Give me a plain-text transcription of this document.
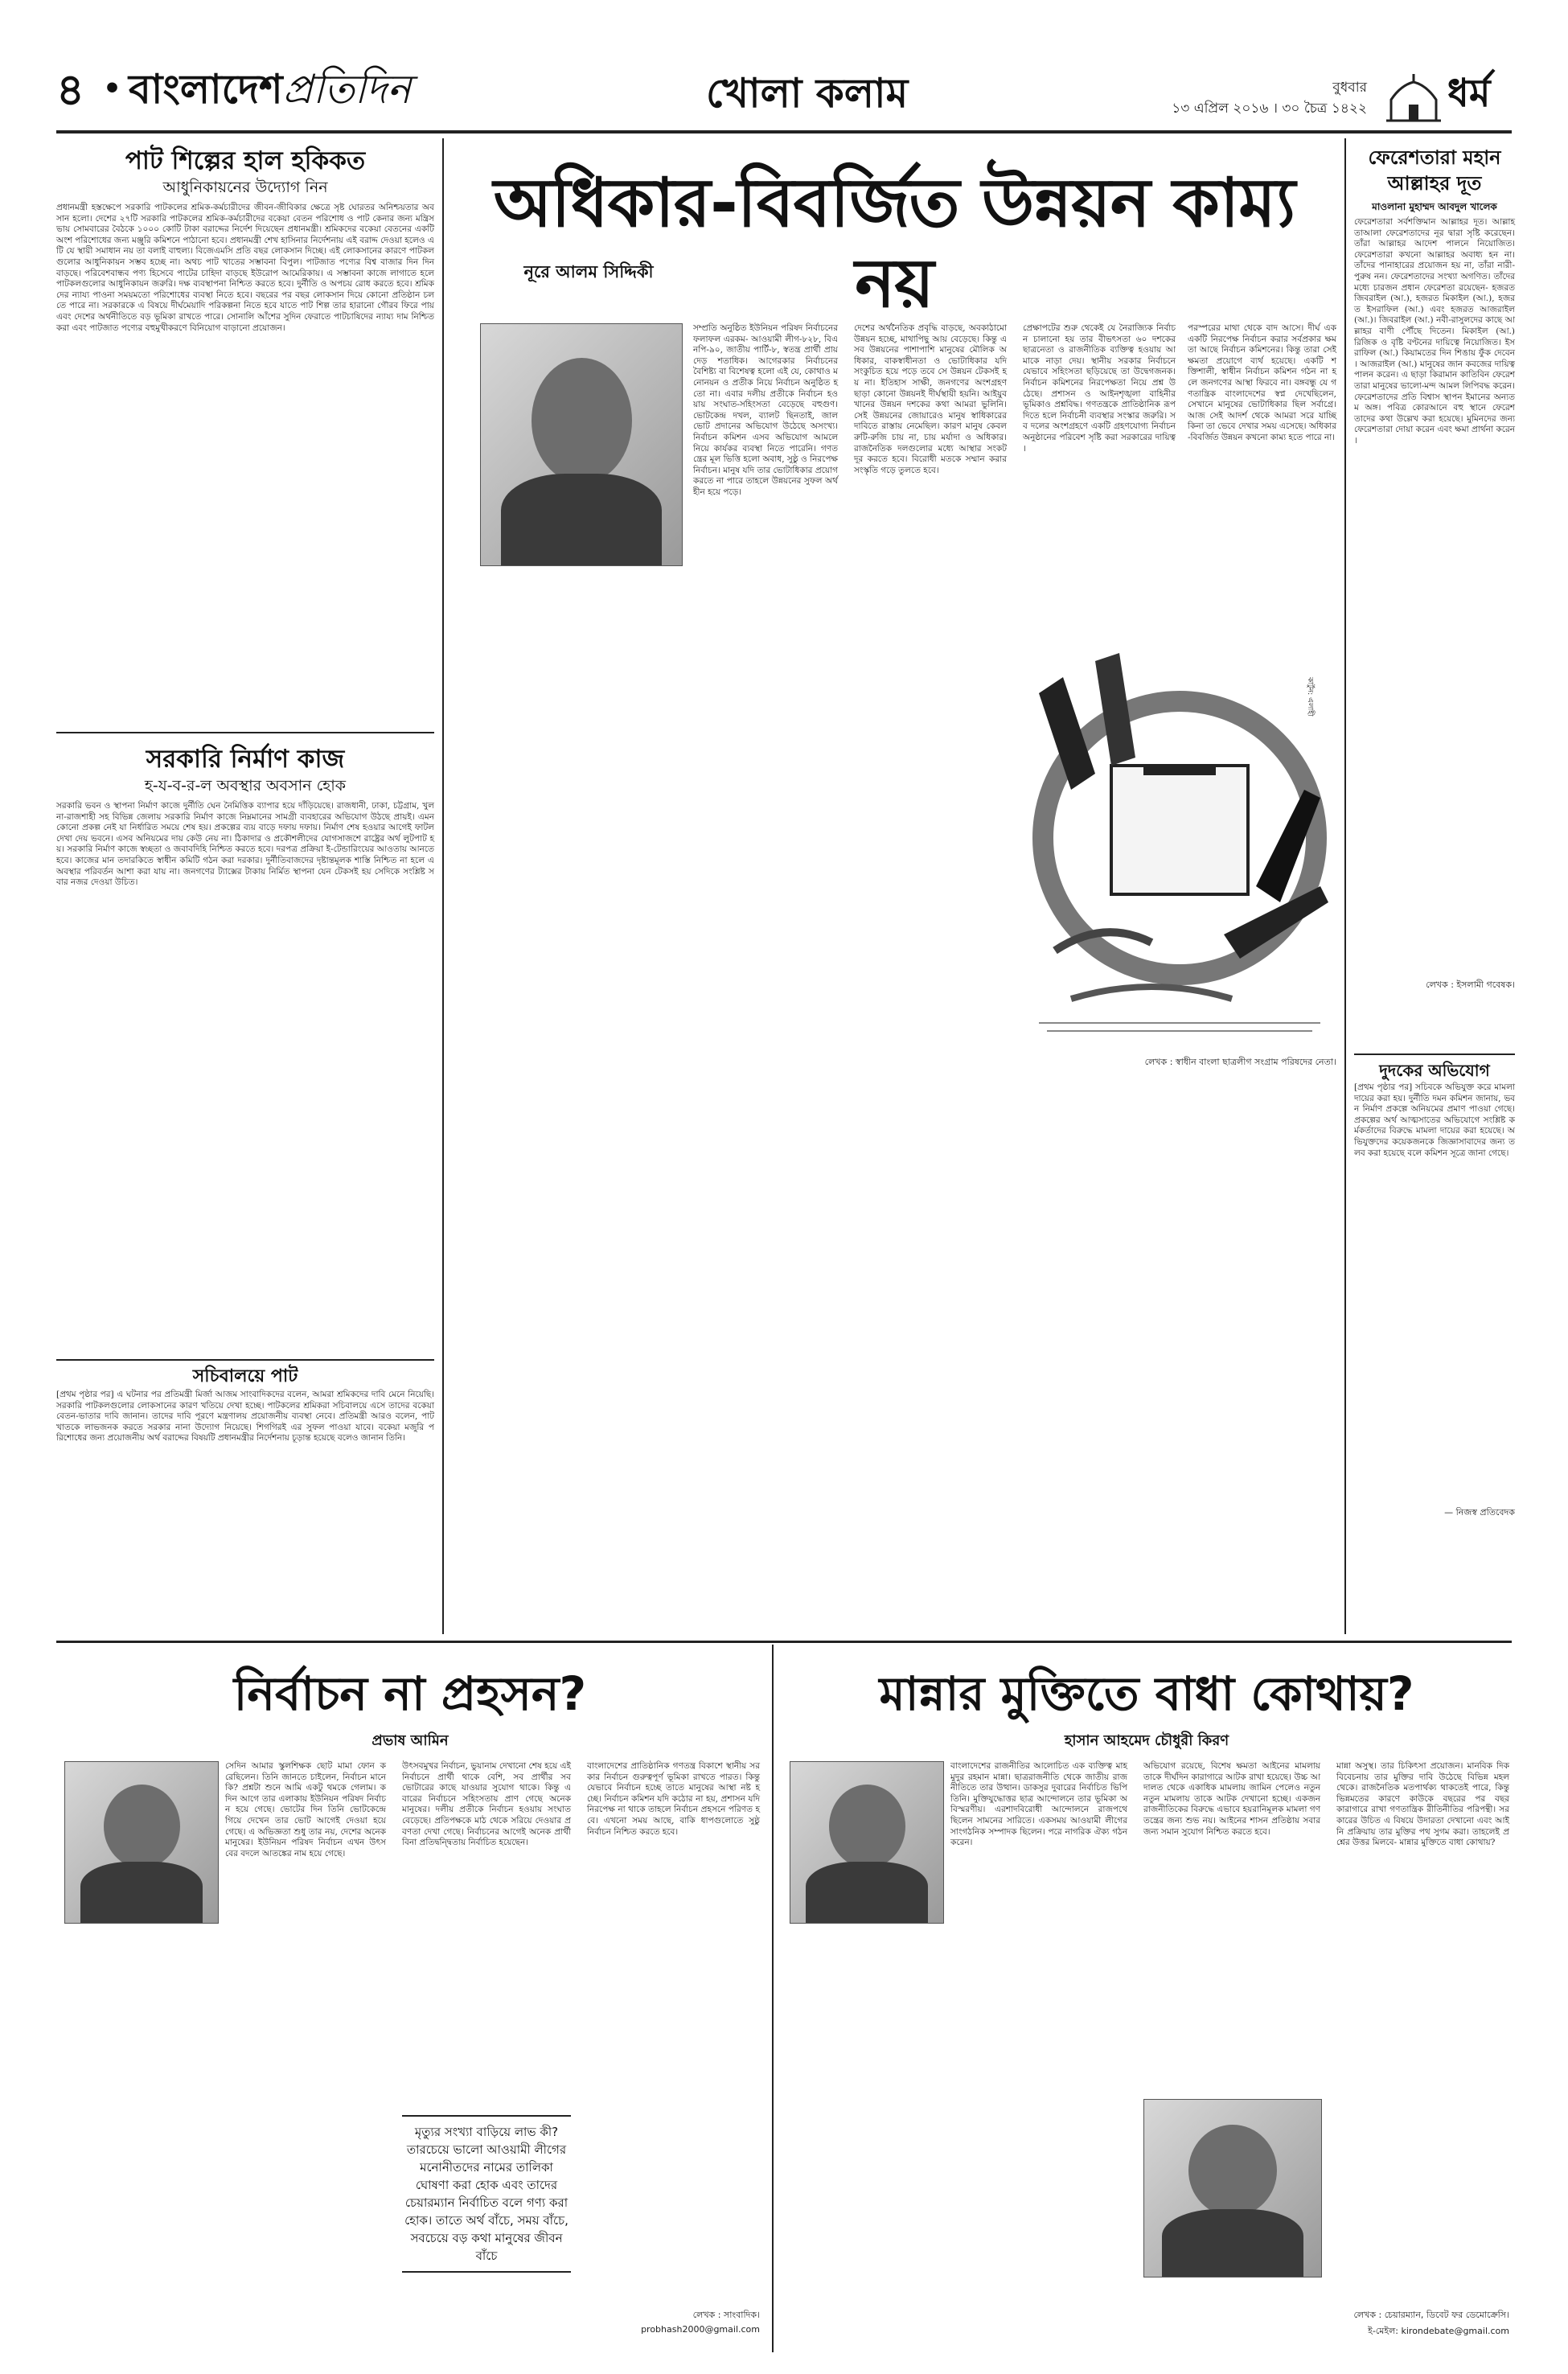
৪ • বাংলাদেশপ্রতিদিন	খোলা কলাম	বুধবার
১৩ এপ্রিল ২০১৬ । ৩০ চৈত্র ১৪২২ ধর্ম
পাট শিল্পের হাল হকিকত
আধুনিকায়নের উদ্যোগ নিন
প্রধানমন্ত্রী হস্তক্ষেপে সরকারি পাটকলের শ্রমিক-কর্মচারীদের জীবন-জীবিকার ক্ষেত্রে সৃষ্ট ঘোরতর অনিশ্চয়তার অবসান হলো। দেশের ২৭টি সরকারি পাটকলের শ্রমিক-কর্মচারীদের বকেয়া বেতন পরিশোধ ও পাট কেনার জন্য মন্ত্রিসভায় সোমবারের বৈঠকে ১০০০ কোটি টাকা বরাদ্দের নির্দেশ দিয়েছেন প্রধানমন্ত্রী। শ্রমিকদের বকেয়া বেতনের একটি অংশ পরিশোধের জন্য মঞ্জুরি কমিশনে পাঠানো হবে। প্রধানমন্ত্রী শেখ হাসিনার নির্দেশনায় এই বরাদ্দ দেওয়া হলেও এটি যে স্থায়ী সমাধান নয় তা বলাই বাহুল্য। বিজেএমসি প্রতি বছর লোকসান দিচ্ছে। এই লোকসানের কারণে পাটকলগুলোর আধুনিকায়ন সম্ভব হচ্ছে না। অথচ পাট খাতের সম্ভাবনা বিপুল। পাটজাত পণ্যের বিশ্ব বাজার দিন দিন বাড়ছে। পরিবেশবান্ধব পণ্য হিসেবে পাটের চাহিদা বাড়ছে ইউরোপ আমেরিকায়। এ সম্ভাবনা কাজে লাগাতে হলে পাটকলগুলোর আধুনিকায়ন জরুরি। দক্ষ ব্যবস্থাপনা নিশ্চিত করতে হবে। দুর্নীতি ও অপচয় রোধ করতে হবে। শ্রমিকদের ন্যায্য পাওনা সময়মতো পরিশোধের ব্যবস্থা নিতে হবে। বছরের পর বছর লোকসান দিয়ে কোনো প্রতিষ্ঠান চলতে পারে না। সরকারকে এ বিষয়ে দীর্ঘমেয়াদি পরিকল্পনা নিতে হবে যাতে পাট শিল্প তার হারানো গৌরব ফিরে পায় এবং দেশের অর্থনীতিতে বড় ভূমিকা রাখতে পারে। সোনালি আঁশের সুদিন ফেরাতে পাটচাষিদের ন্যায্য দাম নিশ্চিত করা এবং পাটজাত পণ্যের বহুমুখীকরণে বিনিয়োগ বাড়ানো প্রয়োজন।
সরকারি নির্মাণ কাজ
হ-য-ব-র-ল অবস্থার অবসান হোক
সরকারি ভবন ও স্থাপনা নির্মাণ কাজে দুর্নীতি ঘেন নৈমিত্তিক ব্যাপার হয়ে দাঁড়িয়েছে। রাজধানী, ঢাকা, চট্টগ্রাম, খুলনা-রাজশাহী সহ বিভিন্ন জেলায় সরকারি নির্মাণ কাজে নিম্নমানের সামগ্রী ব্যবহারের অভিযোগ উঠছে প্রায়ই। এমন কোনো প্রকল্প নেই যা নির্ধারিত সময়ে শেষ হয়। প্রকল্পের ব্যয় বাড়ে দফায় দফায়। নির্মাণ শেষ হওয়ার আগেই ফাটল দেখা দেয় ভবনে। এসব অনিয়মের দায় কেউ নেয় না। ঠিকাদার ও প্রকৌশলীদের যোগসাজশে রাষ্ট্রের অর্থ লুটপাট হয়। সরকারি নির্মাণ কাজে স্বচ্ছতা ও জবাবদিহি নিশ্চিত করতে হবে। দরপত্র প্রক্রিয়া ই-টেন্ডারিংয়ের আওতায় আনতে হবে। কাজের মান তদারকিতে স্বাধীন কমিটি গঠন করা দরকার। দুর্নীতিবাজদের দৃষ্টান্তমূলক শাস্তি নিশ্চিত না হলে এ অবস্থার পরিবর্তন আশা করা যায় না। জনগণের ট্যাক্সের টাকায় নির্মিত স্থাপনা যেন টেকসই হয় সেদিকে সংশ্লিষ্ট সবার নজর দেওয়া উচিত।
সচিবালয়ে পাট
[প্রথম পৃষ্ঠার পর] এ ঘটনার পর প্রতিমন্ত্রী মির্জা আজম সাংবাদিকদের বলেন, আমরা শ্রমিকদের দাবি মেনে নিয়েছি। সরকারি পাটকলগুলোর লোকসানের কারণ খতিয়ে দেখা হচ্ছে। পাটকলের শ্রমিকরা সচিবালয়ে এসে তাদের বকেয়া বেতন-ভাতার দাবি জানান। তাদের দাবি পূরণে মন্ত্রণালয় প্রয়োজনীয় ব্যবস্থা নেবে। প্রতিমন্ত্রী আরও বলেন, পাট খাতকে লাভজনক করতে সরকার নানা উদ্যোগ নিয়েছে। শিগগিরই এর সুফল পাওয়া যাবে। বকেয়া মজুরি পরিশোধের জন্য প্রয়োজনীয় অর্থ বরাদ্দের বিষয়টি প্রধানমন্ত্রীর নির্দেশনায় চূড়ান্ত হয়েছে বলেও জানান তিনি।
অধিকার-বিবর্জিত উন্নয়ন কাম্য নয়
নূরে আলম সিদ্দিকী
সম্প্রতি অনুষ্ঠিত ইউনিয়ন পরিষদ নির্বাচনের ফলাফল এরকম- আওয়ামী লীগ-৮২৮, বিএনপি-৯০, জাতীয় পার্টি-৮, স্বতন্ত্র প্রার্থী প্রায় দেড় শতাধিক। আগেরকার নির্বাচনের বৈশিষ্ট্য বা বিশেষত্ব হলো এই যে, কোথাও মনোনয়ন ও প্রতীক নিয়ে নির্বাচন অনুষ্ঠিত হতো না। এবার দলীয় প্রতীকে নির্বাচন হওয়ায় সংঘাত-সহিংসতা বেড়েছে বহুগুণ। ভোটকেন্দ্র দখল, ব্যালট ছিনতাই, জাল ভোট প্রদানের অভিযোগ উঠেছে অসংখ্য। নির্বাচন কমিশন এসব অভিযোগ আমলে নিয়ে কার্যকর ব্যবস্থা নিতে পারেনি। গণতন্ত্রের মূল ভিত্তি হলো অবাধ, সুষ্ঠু ও নিরপেক্ষ নির্বাচন। মানুষ যদি তার ভোটাধিকার প্রয়োগ করতে না পারে তাহলে উন্নয়নের সুফল অর্থহীন হয়ে পড়ে।
দেশের অর্থনৈতিক প্রবৃদ্ধি বাড়ছে, অবকাঠামো উন্নয়ন হচ্ছে, মাথাপিছু আয় বেড়েছে। কিন্তু এসব উন্নয়নের পাশাপাশি মানুষের মৌলিক অধিকার, বাকস্বাধীনতা ও ভোটাধিকার যদি সংকুচিত হয়ে পড়ে তবে সে উন্নয়ন টেকসই হয় না। ইতিহাস সাক্ষী, জনগণের অংশগ্রহণ ছাড়া কোনো উন্নয়নই দীর্ঘস্থায়ী হয়নি। আইয়ুব খানের উন্নয়ন দশকের কথা আমরা ভুলিনি। সেই উন্নয়নের জোয়ারেও মানুষ স্বাধিকারের দাবিতে রাস্তায় নেমেছিল। কারণ মানুষ কেবল রুটি-রুজি চায় না, চায় মর্যাদা ও অধিকার। রাজনৈতিক দলগুলোর মধ্যে আস্থার সংকট দূর করতে হবে। বিরোধী মতকে সম্মান করার সংস্কৃতি গড়ে তুলতে হবে।
প্রেক্ষাপটের শুরু থেকেই যে নৈরাজ্যিক নির্বাচন চালানো হয় তার বীভৎসতা ৬০ দশকের ছাত্রনেতা ও রাজনীতিক ব্যক্তিত্ব হওয়ায় আমাকে নাড়া দেয়। স্থানীয় সরকার নির্বাচনে যেভাবে সহিংসতা ছড়িয়েছে তা উদ্বেগজনক। নির্বাচন কমিশনের নিরপেক্ষতা নিয়ে প্রশ্ন উঠেছে। প্রশাসন ও আইনশৃঙ্খলা বাহিনীর ভূমিকাও প্রশ্নবিদ্ধ। গণতন্ত্রকে প্রাতিষ্ঠানিক রূপ দিতে হলে নির্বাচনী ব্যবস্থার সংস্কার জরুরি। সব দলের অংশগ্রহণে একটি গ্রহণযোগ্য নির্বাচন অনুষ্ঠানের পরিবেশ সৃষ্টি করা সরকারের দায়িত্ব।
পরস্পরের মাথা থেকে বাদ আসে। দীর্ঘ এক একটি নিরপেক্ষ নির্বাচন করার সর্বপ্রকার ক্ষমতা আছে নির্বাচন কমিশনের। কিন্তু তারা সেই ক্ষমতা প্রয়োগে ব্যর্থ হয়েছে। একটি শক্তিশালী, স্বাধীন নির্বাচন কমিশন গঠন না হলে জনগণের আস্থা ফিরবে না। বঙ্গবন্ধু যে গণতান্ত্রিক বাংলাদেশের স্বপ্ন দেখেছিলেন, সেখানে মানুষের ভোটাধিকার ছিল সর্বাগ্রে। আজ সেই আদর্শ থেকে আমরা সরে যাচ্ছি কিনা তা ভেবে দেখার সময় এসেছে। অধিকার-বিবর্জিত উন্নয়ন কখনো কাম্য হতে পারে না।
কার্টুন: এলাহী
লেখক : স্বাধীন বাংলা ছাত্রলীগ সংগ্রাম পরিষদের নেতা।
ফেরেশতারা মহান আল্লাহর দূত
মাওলানা মুহাম্মদ আবদুল খালেক
ফেরেশতারা সর্বশক্তিমান আল্লাহর দূত। আল্লাহ তাআলা ফেরেশতাদের নূর দ্বারা সৃষ্টি করেছেন। তাঁরা আল্লাহর আদেশ পালনে নিয়োজিত। ফেরেশতারা কখনো আল্লাহর অবাধ্য হন না। তাঁদের পানাহারের প্রয়োজন হয় না, তাঁরা নারী-পুরুষ নন। ফেরেশতাদের সংখ্যা অগণিত। তাঁদের মধ্যে চারজন প্রধান ফেরেশতা রয়েছেন- হজরত জিবরাইল (আ.), হজরত মিকাইল (আ.), হজরত ইসরাফিল (আ.) এবং হজরত আজরাইল (আ.)। জিবরাইল (আ.) নবী-রাসুলদের কাছে আল্লাহর বাণী পৌঁছে দিতেন। মিকাইল (আ.) রিজিক ও বৃষ্টি বণ্টনের দায়িত্বে নিয়োজিত। ইসরাফিল (আ.) কিয়ামতের দিন শিঙায় ফুঁক দেবেন। আজরাইল (আ.) মানুষের জান কবজের দায়িত্ব পালন করেন। এ ছাড়া কিরামান কাতিবিন ফেরেশতারা মানুষের ভালো-মন্দ আমল লিপিবদ্ধ করেন। ফেরেশতাদের প্রতি বিশ্বাস স্থাপন ইমানের অন্যতম অঙ্গ। পবিত্র কোরআনে বহু স্থানে ফেরেশতাদের কথা উল্লেখ করা হয়েছে। মুমিনদের জন্য ফেরেশতারা দোয়া করেন এবং ক্ষমা প্রার্থনা করেন।
লেখক : ইসলামী গবেষক।
দুদকের অভিযোগ
[প্রথম পৃষ্ঠার পর] সচিবকে অভিযুক্ত করে মামলা দায়ের করা হয়। দুর্নীতি দমন কমিশন জানায়, ভবন নির্মাণ প্রকল্পে অনিয়মের প্রমাণ পাওয়া গেছে। প্রকল্পের অর্থ আত্মসাতের অভিযোগে সংশ্লিষ্ট কর্মকর্তাদের বিরুদ্ধে মামলা দায়ের করা হয়েছে। অভিযুক্তদের কয়েকজনকে জিজ্ঞাসাবাদের জন্য তলব করা হয়েছে বলে কমিশন সূত্রে জানা গেছে।
— নিজস্ব প্রতিবেদক
নির্বাচন না প্রহসন?
প্রভাষ আমিন
সেদিন আমার স্কুলশিক্ষক ছোট মামা ফোন করেছিলেন। তিনি জানতে চাইলেন, নির্বাচন মানে কি? প্রশ্নটা শুনে আমি একটু থমকে গেলাম। কদিন আগে তার এলাকায় ইউনিয়ন পরিষদ নির্বাচন হয়ে গেছে। ভোটের দিন তিনি ভোটকেন্দ্রে গিয়ে দেখেন তার ভোট আগেই দেওয়া হয়ে গেছে। এ অভিজ্ঞতা শুধু তার নয়, দেশের অনেক মানুষের। ইউনিয়ন পরিষদ নির্বাচন এখন উৎসবের বদলে আতঙ্কের নাম হয়ে গেছে।
উৎসবমুখর নির্বাচন, ভুয়ানাম দেখানো শেষ হয়ে এই নির্বাচনে প্রার্থী থাকে বেশি, সব প্রার্থীর সব ভোটারের কাছে যাওয়ার সুযোগ থাকে। কিন্তু এবারের নির্বাচনে সহিংসতায় প্রাণ গেছে অনেক মানুষের। দলীয় প্রতীকে নির্বাচন হওয়ায় সংঘাত বেড়েছে। প্রতিপক্ষকে মাঠ থেকে সরিয়ে দেওয়ার প্রবণতা দেখা গেছে। নির্বাচনের আগেই অনেক প্রার্থী বিনা প্রতিদ্বন্দ্বিতায় নির্বাচিত হয়েছেন।
বাংলাদেশের প্রাতিষ্ঠানিক গণতন্ত্র বিকাশে স্থানীয় সরকার নির্বাচন গুরুত্বপূর্ণ ভূমিকা রাখতে পারত। কিন্তু যেভাবে নির্বাচন হচ্ছে তাতে মানুষের আস্থা নষ্ট হচ্ছে। নির্বাচন কমিশন যদি কঠোর না হয়, প্রশাসন যদি নিরপেক্ষ না থাকে তাহলে নির্বাচন প্রহসনে পরিণত হবে। এখনো সময় আছে, বাকি ধাপগুলোতে সুষ্ঠু নির্বাচন নিশ্চিত করতে হবে।
মৃত্যুর সংখ্যা বাড়িয়ে লাভ কী? তারচেয়ে ভালো আওয়ামী লীগের মনোনীতদের নামের তালিকা ঘোষণা করা হোক এবং তাদের চেয়ারম্যান নির্বাচিত বলে গণ্য করা হোক। তাতে অর্থ বাঁচে, সময় বাঁচে, সবচেয়ে বড় কথা মানুষের জীবন বাঁচে
লেখক : সাংবাদিক।
probhash2000@gmail.com
মান্নার মুক্তিতে বাধা কোথায়?
হাসান আহমেদ চৌধুরী কিরণ
বাংলাদেশের রাজনীতির আলোচিত এক ব্যক্তিত্ব মাহমুদুর রহমান মান্না। ছাত্ররাজনীতি থেকে জাতীয় রাজনীতিতে তার উত্থান। ডাকসুর দুবারের নির্বাচিত ভিপি তিনি। মুক্তিযুদ্ধোত্তর ছাত্র আন্দোলনে তার ভূমিকা অবিস্মরণীয়। এরশাদবিরোধী আন্দোলনে রাজপথে ছিলেন সামনের সারিতে। একসময় আওয়ামী লীগের সাংগঠনিক সম্পাদক ছিলেন। পরে নাগরিক ঐক্য গঠন করেন।
অভিযোগ রয়েছে, বিশেষ ক্ষমতা আইনের মামলায় তাকে দীর্ঘদিন কারাগারে আটক রাখা হয়েছে। উচ্চ আদালত থেকে একাধিক মামলায় জামিন পেলেও নতুন নতুন মামলায় তাকে আটক দেখানো হচ্ছে। একজন রাজনীতিকের বিরুদ্ধে এভাবে হয়রানিমূলক মামলা গণতন্ত্রের জন্য শুভ নয়। আইনের শাসন প্রতিষ্ঠায় সবার জন্য সমান সুযোগ নিশ্চিত করতে হবে।
মান্না অসুস্থ। তার চিকিৎসা প্রয়োজন। মানবিক দিক বিবেচনায় তার মুক্তির দাবি উঠেছে বিভিন্ন মহল থেকে। রাজনৈতিক মতপার্থক্য থাকতেই পারে, কিন্তু ভিন্নমতের কারণে কাউকে বছরের পর বছর কারাগারে রাখা গণতান্ত্রিক রীতিনীতির পরিপন্থী। সরকারের উচিত এ বিষয়ে উদারতা দেখানো এবং আইনি প্রক্রিয়ায় তার মুক্তির পথ সুগম করা। তাহলেই প্রশ্নের উত্তর মিলবে- মান্নার মুক্তিতে বাধা কোথায়?
লেখক : চেয়ারম্যান, ডিবেট ফর ডেমোক্রেসি।
ই-মেইল: kirondebate@gmail.com
